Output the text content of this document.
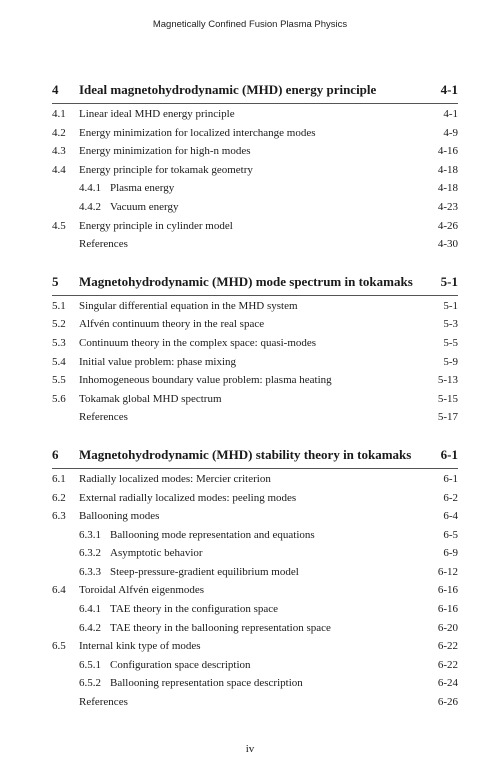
Magnetically Confined Fusion Plasma Physics
4	Ideal magnetohydrodynamic (MHD) energy principle	4-1
4.1	Linear ideal MHD energy principle	4-1
4.2	Energy minimization for localized interchange modes	4-9
4.3	Energy minimization for high-n modes	4-16
4.4	Energy principle for tokamak geometry	4-18
4.4.1 Plasma energy	4-18
4.4.2 Vacuum energy	4-23
4.5	Energy principle in cylinder model	4-26
References	4-30
5	Magnetohydrodynamic (MHD) mode spectrum in tokamaks	5-1
5.1	Singular differential equation in the MHD system	5-1
5.2	Alfvén continuum theory in the real space	5-3
5.3	Continuum theory in the complex space: quasi-modes	5-5
5.4	Initial value problem: phase mixing	5-9
5.5	Inhomogeneous boundary value problem: plasma heating	5-13
5.6	Tokamak global MHD spectrum	5-15
References	5-17
6	Magnetohydrodynamic (MHD) stability theory in tokamaks	6-1
6.1	Radially localized modes: Mercier criterion	6-1
6.2	External radially localized modes: peeling modes	6-2
6.3	Ballooning modes	6-4
6.3.1 Ballooning mode representation and equations	6-5
6.3.2 Asymptotic behavior	6-9
6.3.3 Steep-pressure-gradient equilibrium model	6-12
6.4	Toroidal Alfvén eigenmodes	6-16
6.4.1 TAE theory in the configuration space	6-16
6.4.2 TAE theory in the ballooning representation space	6-20
6.5	Internal kink type of modes	6-22
6.5.1 Configuration space description	6-22
6.5.2 Ballooning representation space description	6-24
References	6-26
iv
